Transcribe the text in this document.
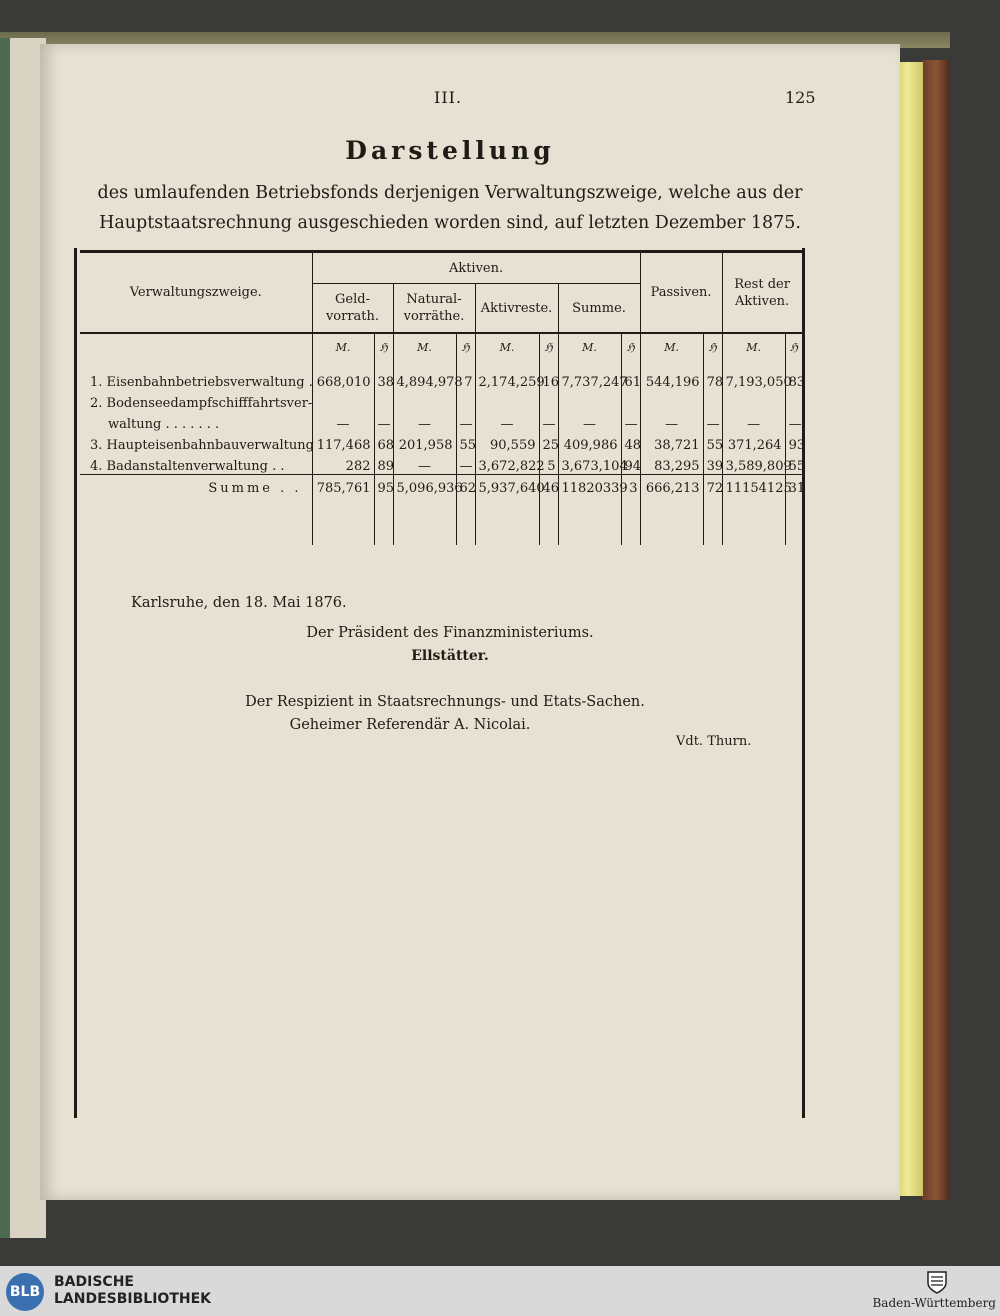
III.	125
Darstellung
des umlaufenden Betriebsfonds derjenigen Verwaltungszweige, welche aus der Hauptstaatsrechnung ausgeschieden worden sind, auf letzten Dezember 1875.
Verwaltungszweige.	Aktiven.								Passiven.		Rest der Aktiven.	
	Geld-vorrath.		Natural-vorräthe.		Aktivreste.		Summe.					
	M.	ℌ	M.	ℌ	M.	ℌ	M.	ℌ	M.	ℌ	M.	ℌ
1. Eisenbahnbetriebsverwaltung .	668,010	38	4,894,978	7	2,174,259	16	7,737,247	61	544,196	78	7,193,050	83
2. Bodenseedampfschifffahrtsver-												
waltung . . . . . . .	—	—	—	—	—	—	—	—	—	—	—	—
3. Haupteisenbahnbauverwaltung	117,468	68	201,958	55	90,559	25	409,986	48	38,721	55	371,264	93
4. Badanstaltenverwaltung . .	282	89	—	—	3,672,822	5	3,673,104	94	83,295	39	3,589,809	55
Summe . .	785,761	95	5,096,936	62	5,937,640	46	11820339	3	666,213	72	11154125	31

Karlsruhe, den 18. Mai 1876.
Der Präsident des Finanzministeriums.
Ellstätter.
Der Respizient in Staatsrechnungs- und Etats-Sachen.
Geheimer Referendär A. Nicolai.
Vdt. Thurn.
BLB
BADISCHE
LANDESBIBLIOTHEK	Baden-Württemberg
